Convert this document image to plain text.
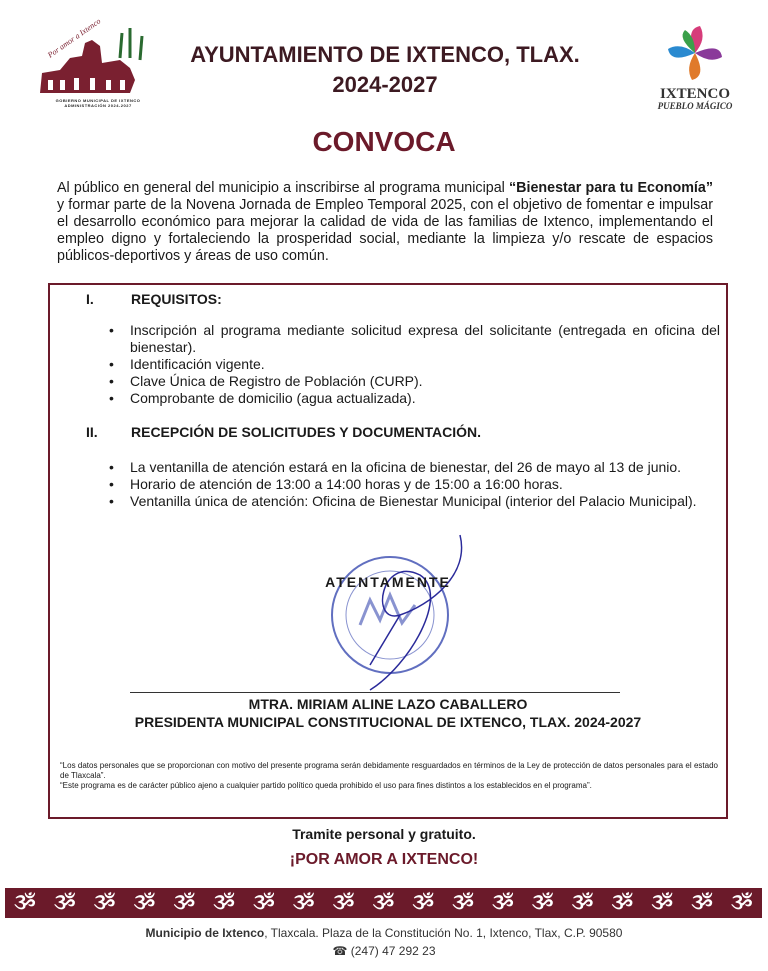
Por amor a Ixtenco
GOBIERNO MUNICIPAL DE IXTENCO
ADMINISTRACIÓN 2024-2027
AYUNTAMIENTO DE IXTENCO, TLAX.
2024-2027	IXTENCO
PUEBLO MÁGICO
CONVOCA
Al público en general del municipio a inscribirse al programa municipal “Bienestar para tu Economía” y formar parte de la Novena Jornada de Empleo Temporal 2025, con el objetivo de fomentar e impulsar el desarrollo económico para mejorar la calidad de vida de las familias de Ixtenco, implementando el empleo digno y fortaleciendo la prosperidad social, mediante la limpieza y/o rescate de espacios públicos-deportivos y áreas de uso común.
I.	REQUISITOS:
• Inscripción al programa mediante solicitud expresa del solicitante (entregada en oficina del bienestar).
• Identificación vigente.
• Clave Única de Registro de Población (CURP).
• Comprobante de domicilio (agua actualizada).
II. RECEPCIÓN DE SOLICITUDES Y DOCUMENTACIÓN.
• La ventanilla de atención estará en la oficina de bienestar, del 26 de mayo al 13 de junio.
• Horario de atención de 13:00 a 14:00 horas y de 15:00 a 16:00 horas.
• Ventanilla única de atención: Oficina de Bienestar Municipal (interior del Palacio Municipal).
ATENTAMENTE
MTRA. MIRIAM ALINE LAZO CABALLERO
PRESIDENTA MUNICIPAL CONSTITUCIONAL DE IXTENCO, TLAX. 2024-2027
“Los datos personales que se proporcionan con motivo del presente programa serán debidamente resguardados en términos de la Ley de protección de datos personales para el estado de Tlaxcala”.
“Este programa es de carácter público ajeno a cualquier partido político queda prohibido el uso para fines distintos a los establecidos en el programa”.
Tramite personal y gratuito.
¡POR AMOR A IXTENCO!
ૐ ૐ ૐ ૐ ૐ ૐ ૐ ૐ ૐ ૐ ૐ ૐ ૐ ૐ ૐ ૐ ૐ ૐ ૐ
Municipio de Ixtenco, Tlaxcala. Plaza de la Constitución No. 1, Ixtenco, Tlax, C.P. 90580
☎ (247) 47 292 23
